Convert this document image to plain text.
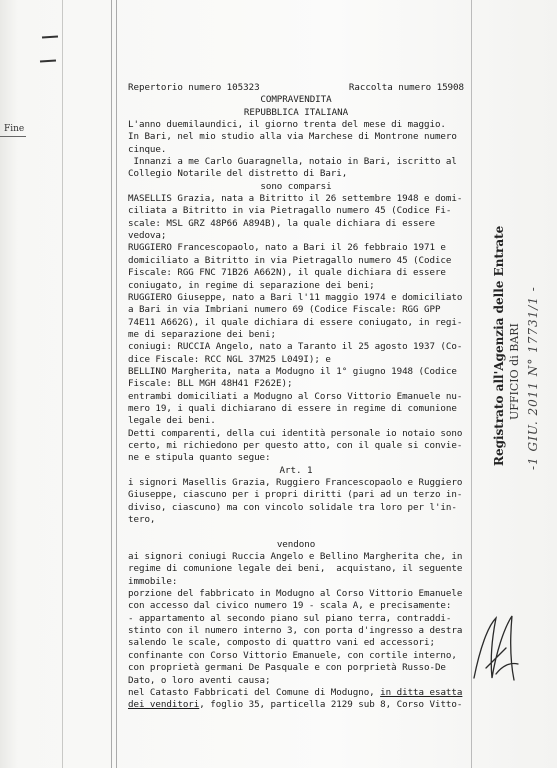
Fine
Repertorio numero 105323	Raccolta numero 15908
COMPRAVENDITA
REPUBBLICA ITALIANA
L'anno duemilaundici, il giorno trenta del mese di maggio.
In Bari, nel mio studio alla via Marchese di Montrone numero
cinque.
Innanzi a me Carlo Guaragnella, notaio in Bari, iscritto al
Collegio Notarile del distretto di Bari,
sono comparsi
MASELLIS Grazia, nata a Bitritto il 26 settembre 1948 e domi-
ciliata a Bitritto in via Pietragallo numero 45 (Codice Fi-
scale: MSL GRZ 48P66 A894B), la quale dichiara di essere
vedova;
RUGGIERO Francescopaolo, nato a Bari il 26 febbraio 1971 e
domiciliato a Bitritto in via Pietragallo numero 45 (Codice
Fiscale: RGG FNC 71B26 A662N), il quale dichiara di essere
coniugato, in regime di separazione dei beni;
RUGGIERO Giuseppe, nato a Bari l'11 maggio 1974 e domiciliato
a Bari in via Imbriani numero 69 (Codice Fiscale: RGG GPP
74E11 A662G), il quale dichiara di essere coniugato, in regi-
me di separazione dei beni;
coniugi: RUCCIA Angelo, nato a Taranto il 25 agosto 1937 (Co-
dice Fiscale: RCC NGL 37M25 L049I); e
BELLINO Margherita, nata a Modugno il 1° giugno 1948 (Codice
Fiscale: BLL MGH 48H41 F262E);
entrambi domiciliati a Modugno al Corso Vittorio Emanuele nu-
mero 19, i quali dichiarano di essere in regime di comunione
legale dei beni.
Detti comparenti, della cui identità personale io notaio sono
certo, mi richiedono per questo atto, con il quale si convie-
ne e stipula quanto segue:
Art. 1
i signori Masellis Grazia, Ruggiero Francescopaolo e Ruggiero
Giuseppe, ciascuno per i propri diritti (pari ad un terzo in-
diviso, ciascuno) ma con vincolo solidale tra loro per l'in-
tero,
vendono
ai signori coniugi Ruccia Angelo e Bellino Margherita che, in
regime di comunione legale dei beni,  acquistano, il seguente
immobile:
porzione del fabbricato in Modugno al Corso Vittorio Emanuele
con accesso dal civico numero 19 - scala A, e precisamente:
- appartamento al secondo piano sul piano terra, contraddi-
stinto con il numero interno 3, con porta d'ingresso a destra
salendo le scale, composto di quattro vani ed accessori;
confinante con Corso Vittorio Emanuele, con cortile interno,
con proprietà germani De Pasquale e con porprietà Russo-De
Dato, o loro aventi causa;
nel Catasto Fabbricati del Comune di Modugno, in ditta esatta
dei venditori, foglio 35, particella 2129 sub 8, Corso Vitto-
Registrato all'Agenzia delle Entrate UFFICIO di BARI -1 GIU. 2011 N° 17731/1 -
